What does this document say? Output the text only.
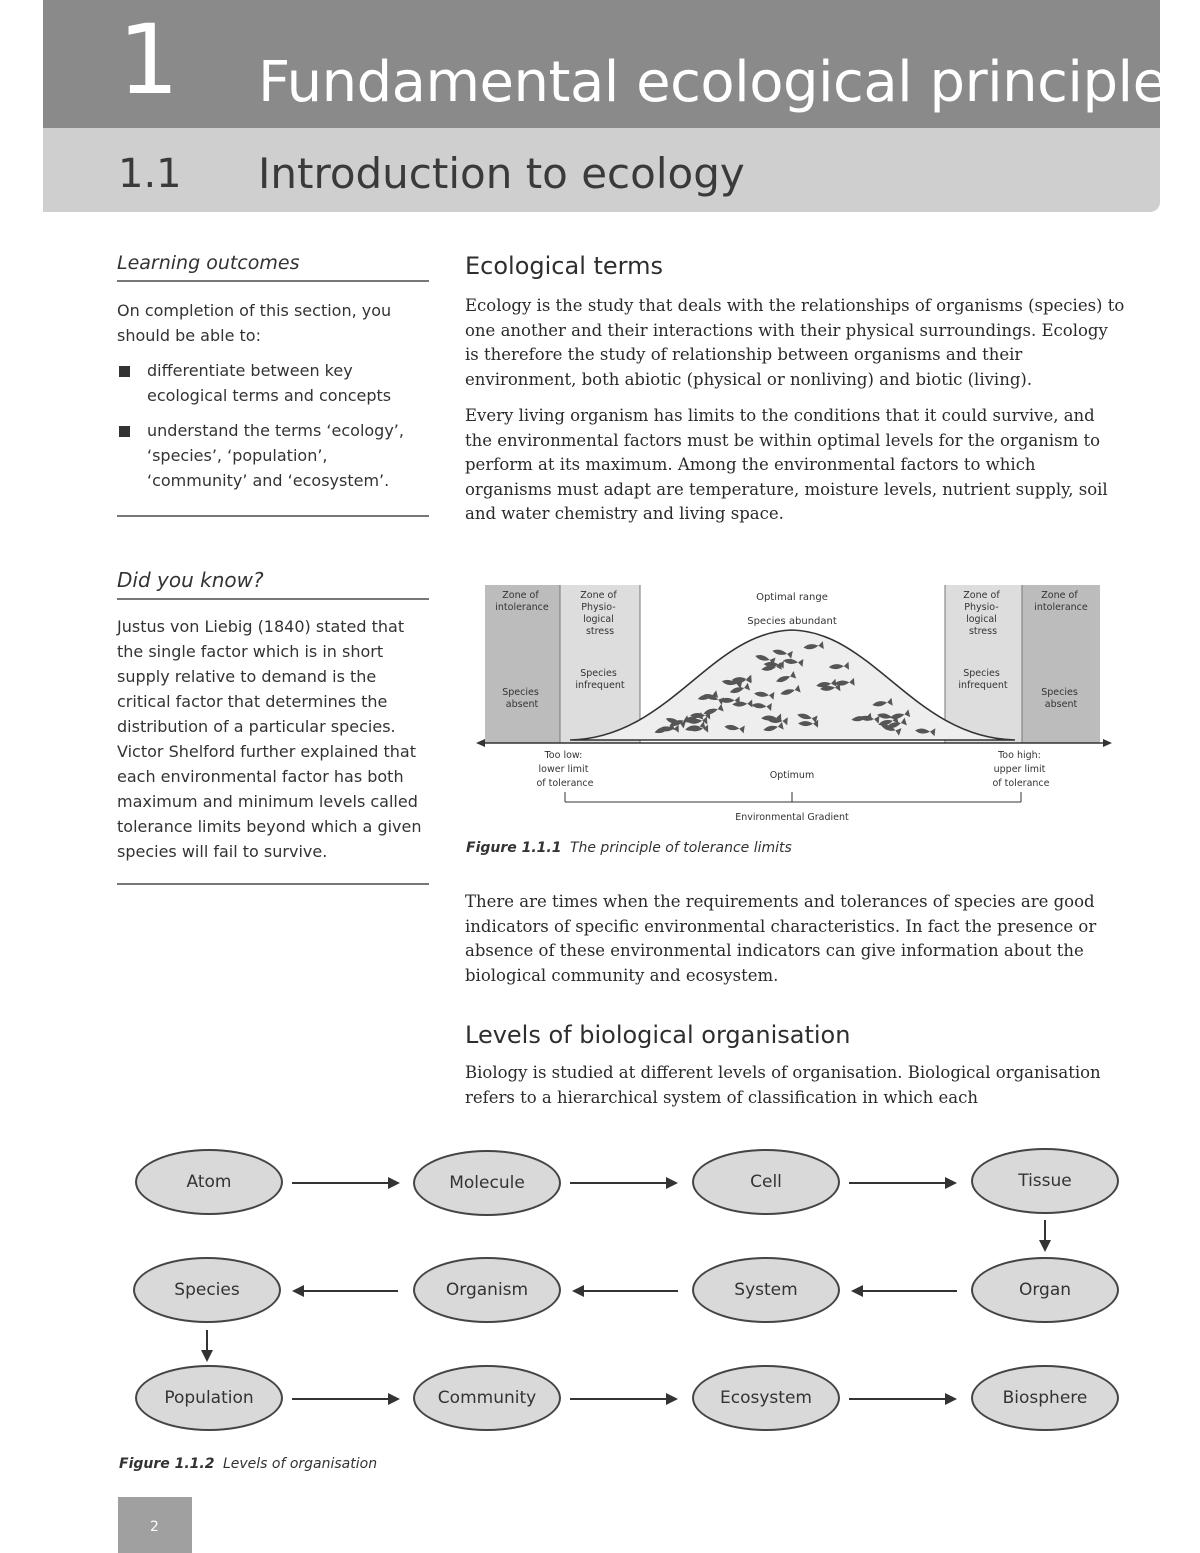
1 Fundamental ecological principles
1.1 Introduction to ecology
Learning outcomes

On completion of this section, you should be able to:

differentiate between key ecological terms and concepts
understand the terms ‘ecology’, ‘species’, ‘population’, ‘community’ and ‘ecosystem’.
Did you know?

Justus von Liebig (1840) stated that the single factor which is in short supply relative to demand is the critical factor that determines the distribution of a particular species. Victor Shelford further explained that each environmental factor has both maximum and minimum levels called tolerance limits beyond which a given species will fail to survive.

Ecological terms

Ecology is the study that deals with the relationships of organisms (species) to one another and their interactions with their physical surroundings. Ecology is therefore the study of relationship between organisms and their environment, both abiotic (physical or nonliving) and biotic (living).

Every living organism has limits to the conditions that it could survive, and the environmental factors must be within optimal levels for the organism to perform at its maximum. Among the environmental factors to which organisms must adapt are temperature, moisture levels, nutrient supply, soil and water chemistry and living space.

Zone of intolerance
Zone of Physio- logical stress
Optimal range
Species abundant
Zone of Physio- logical stress
Zone of intolerance
Species absent
Species infrequent
Species infrequent
Species absent
Too low: lower limit of tolerance
Optimum
Too high: upper limit of tolerance
Environmental Gradient
Figure 1.1.1 The principle of tolerance limits

There are times when the requirements and tolerances of species are good indicators of specific environmental characteristics. In fact the presence or absence of these environmental indicators can give information about the biological community and ecosystem.

Levels of biological organisation

Biology is studied at different levels of organisation. Biological organisation refers to a hierarchical system of classification in which each

Atom	Molecule	Cell	Tissue
Species	Organism	System	Organ
Population	Community	Ecosystem	Biosphere
Figure 1.1.2 Levels of organisation
2
